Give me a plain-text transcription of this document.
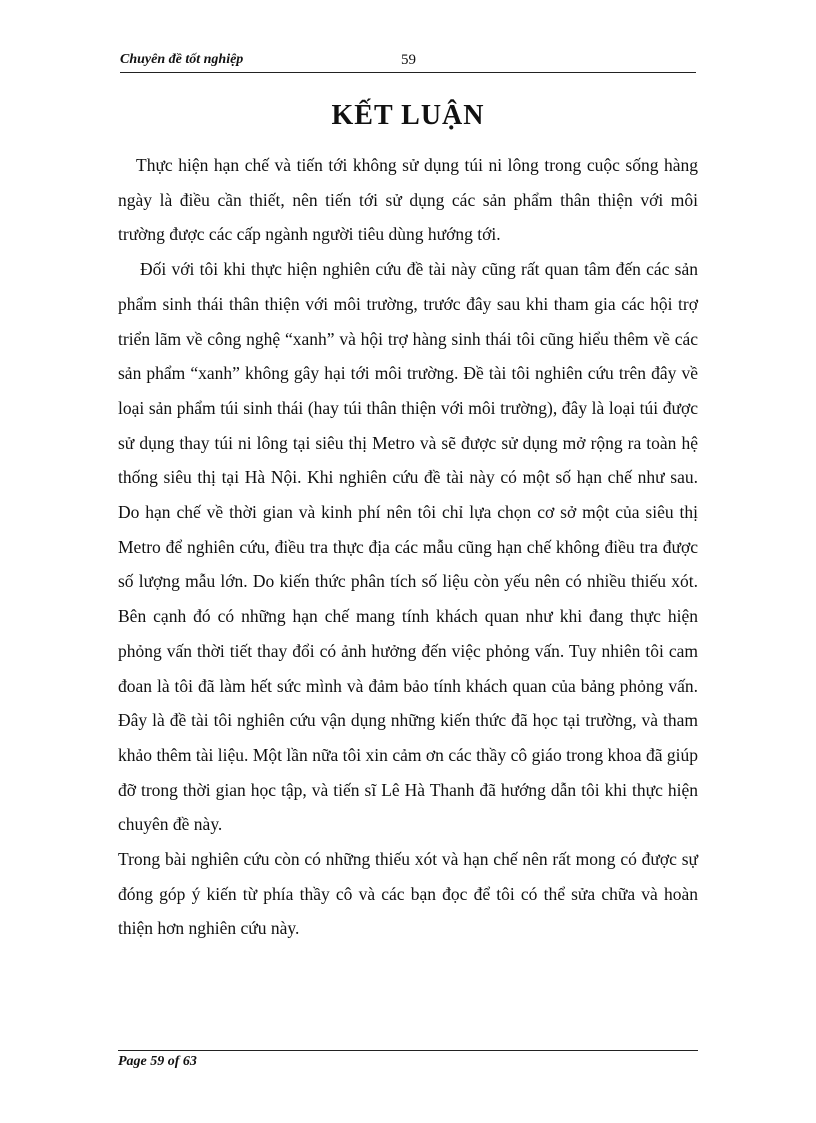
Chuyên đề tốt nghiệp	59
KẾT LUẬN

Thực hiện hạn chế và tiến tới không sử dụng túi ni lông trong cuộc sống hàng ngày là điều cần thiết, nên tiến tới sử dụng các sản phẩm thân thiện với môi trường được các cấp ngành người tiêu dùng hướng tới.

Đối với tôi khi thực hiện nghiên cứu đề tài này cũng rất quan tâm đến các sản phẩm sinh thái thân thiện với môi trường, trước đây sau khi tham gia các hội trợ triển lãm về công nghệ “xanh” và hội trợ hàng sinh thái tôi cũng hiểu thêm về các sản phẩm “xanh” không gây hại tới môi trường. Đề tài tôi nghiên cứu trên đây về loại sản phẩm túi sinh thái (hay túi thân thiện với môi trường), đây là loại túi được sử dụng thay túi ni lông tại siêu thị Metro và sẽ được sử dụng mở rộng ra toàn hệ thống siêu thị tại Hà Nội. Khi nghiên cứu đề tài này có một số hạn chế như sau. Do hạn chế về thời gian và kinh phí nên tôi chỉ lựa chọn cơ sở một của siêu thị Metro để nghiên cứu, điều tra thực địa các mẫu cũng hạn chế không điều tra được số lượng mẫu lớn. Do kiến thức phân tích số liệu còn yếu nên có nhiều thiếu xót. Bên cạnh đó có những hạn chế mang tính khách quan như khi đang thực hiện phỏng vấn thời tiết thay đổi có ảnh hưởng đến việc phỏng vấn. Tuy nhiên tôi cam đoan là tôi đã làm hết sức mình và đảm bảo tính khách quan của bảng phỏng vấn. Đây là đề tài tôi nghiên cứu vận dụng những kiến thức đã học tại trường, và tham khảo thêm tài liệu. Một lần nữa tôi xin cảm ơn các thầy cô giáo trong khoa đã giúp đỡ trong thời gian học tập, và tiến sĩ Lê Hà Thanh đã hướng dẫn tôi khi thực hiện chuyên đề này.

Trong bài nghiên cứu còn có những thiếu xót và hạn chế nên rất mong có được sự đóng góp ý kiến từ phía thầy cô và các bạn đọc để tôi có thể sửa chữa và hoàn thiện hơn nghiên cứu này.

Page 59 of 63
